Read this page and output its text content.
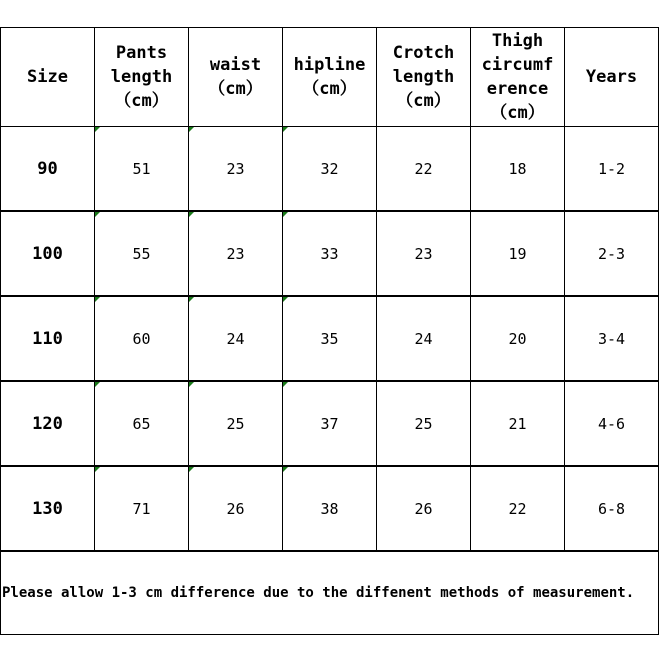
Size	Pants
length
（cm）	waist
（cm）	hipline
（cm）	Crotch
length
（cm）	Thigh
circumf
erence
（cm）	Years

90	51	23	32	22	18	1-2
100	55	23	33	23	19	2-3
110	60	24	35	24	20	3-4
120	65	25	37	25	21	4-6
130	71	26	38	26	22	6-8
Please allow 1-3 cm difference due to the diffenent methods of measurement.						
